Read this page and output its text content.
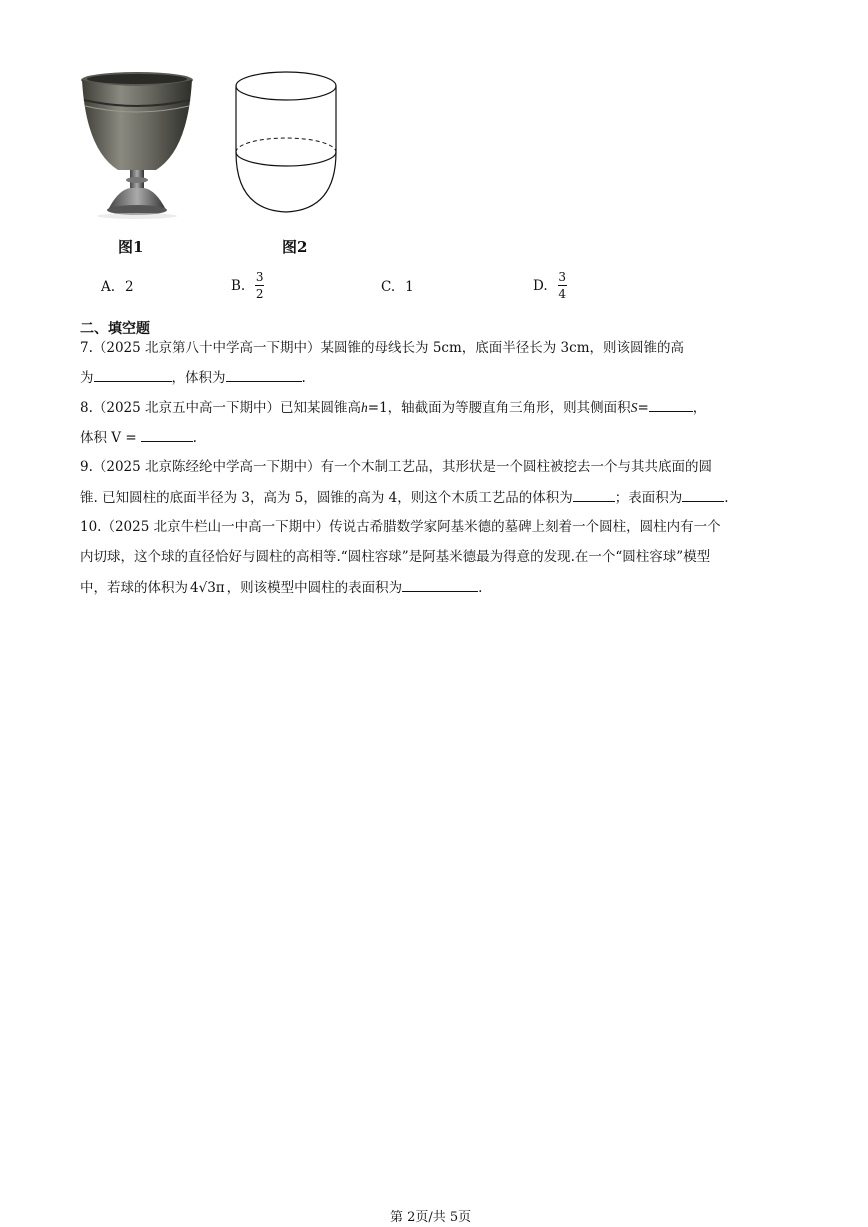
图1	图2
A. 2	B. $\frac{3}{2}$	C. 1	D. $\frac{3}{4}$
二、填空题
7.（2025 北京第八十中学高一下期中）某圆锥的母线长为 5cm，底面半径长为 3cm，则该圆锥的高
为	，体积为	.
8.（2025 北京五中高一下期中）已知某圆锥高h=1，轴截面为等腰直角三角形，则其侧面积S=	，
体积 V =	.
9.（2025 北京陈经纶中学高一下期中）有一个木制工艺品，其形状是一个圆柱被挖去一个与其共底面的圆
锥. 已知圆柱的底面半径为 3，高为 5，圆锥的高为 4，则这个木质工艺品的体积为	；表面积为	.
10.（2025 北京牛栏山一中高一下期中）传说古希腊数学家阿基米德的墓碑上刻着一个圆柱，圆柱内有一个
内切球，这个球的直径恰好与圆柱的高相等.“圆柱容球”是阿基米德最为得意的发现.在一个“圆柱容球”模型
中，若球的体积为 4√3π ，则该模型中圆柱的表面积为	.
第 2页/共 5页
